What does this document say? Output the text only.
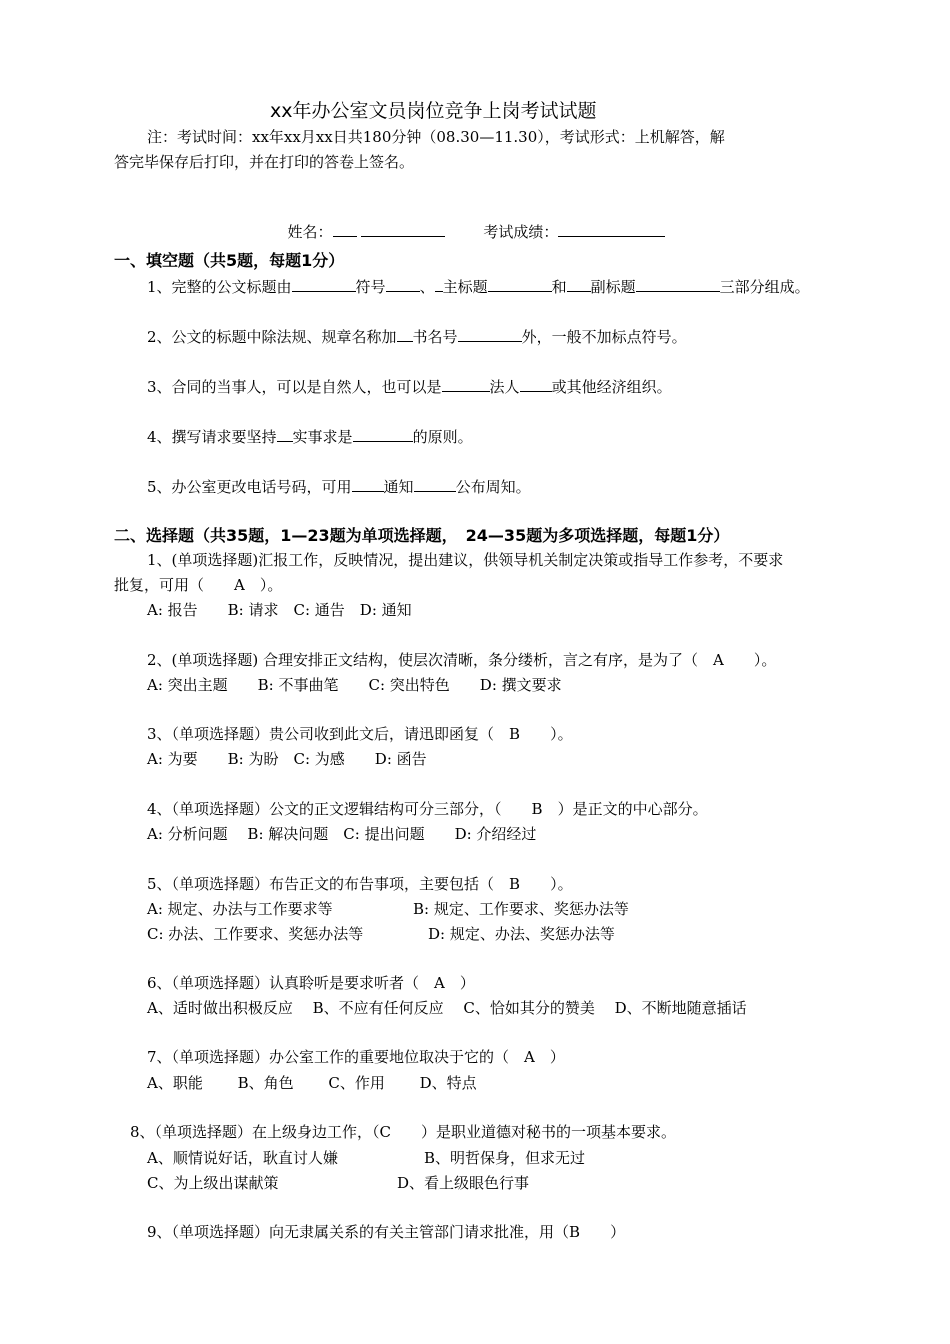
xx年办公室文员岗位竞争上岗考试试题
注：考试时间：xx年xx月xx日共180分钟（08.30—11.30），考试形式：上机解答，解
答完毕保存后打印，并在打印的答卷上签名。

姓名：	考试成绩：

一、填空题（共5题，每题1分）
1、完整的公文标题由	符号 、 主标题	和 副标题	三部分组成。
2、公文的标题中除法规、规章名称加 书名号	外，一般不加标点符号。
3、合同的当事人，可以是自然人，也可以是	法人 或其他经济组织。
4、撰写请求要坚持 实事求是	的原则。
5、办公室更改电话号码，可用 通知	公布周知。
二、选择题（共35题，1—23题为单项选择题，　24—35题为多项选择题，每题1分）
1、(单项选择题)汇报工作，反映情况，提出建议，供领导机关制定决策或指导工作参考，不要求
批复，可用（　　A　）。
A: 报告　　B: 请求　C: 通告　D: 通知
2、(单项选择题) 合理安排正文结构，使层次清晰，条分缕析，言之有序，是为了（　A　　）。
A: 突出主题　　B: 不事曲笔　　C: 突出特色　　D: 撰文要求
3、（单项选择题）贵公司收到此文后，请迅即函复（　B　　）。
A: 为要　　B: 为盼　C: 为感　　D: 函告
4、（单项选择题）公文的正文逻辑结构可分三部分，（　　B　）是正文的中心部分。
A: 分析问题　 B: 解决问题　C: 提出问题　　D: 介绍经过
5、（单项选择题）布告正文的布告事项，主要包括（　B　　）。
A: 规定、办法与工作要求等	B: 规定、工作要求、奖惩办法等
C: 办法、工作要求、奖惩办法等	D: 规定、办法、奖惩办法等
6、（单项选择题）认真聆听是要求听者（　A　）
A、适时做出积极反应　 B、不应有任何反应　 C、恰如其分的赞美　 D、不断地随意插话
7、（单项选择题）办公室工作的重要地位取决于它的（　A　）
A、职能　　 B、角色　　 C、作用　　 D、特点
8、（单项选择题）在上级身边工作，（C　　）是职业道德对秘书的一项基本要求。
A、顺情说好话，耿直讨人嫌	B、明哲保身，但求无过
C、为上级出谋献策	D、看上级眼色行事
9、（单项选择题）向无隶属关系的有关主管部门请求批准，用（B　　）
